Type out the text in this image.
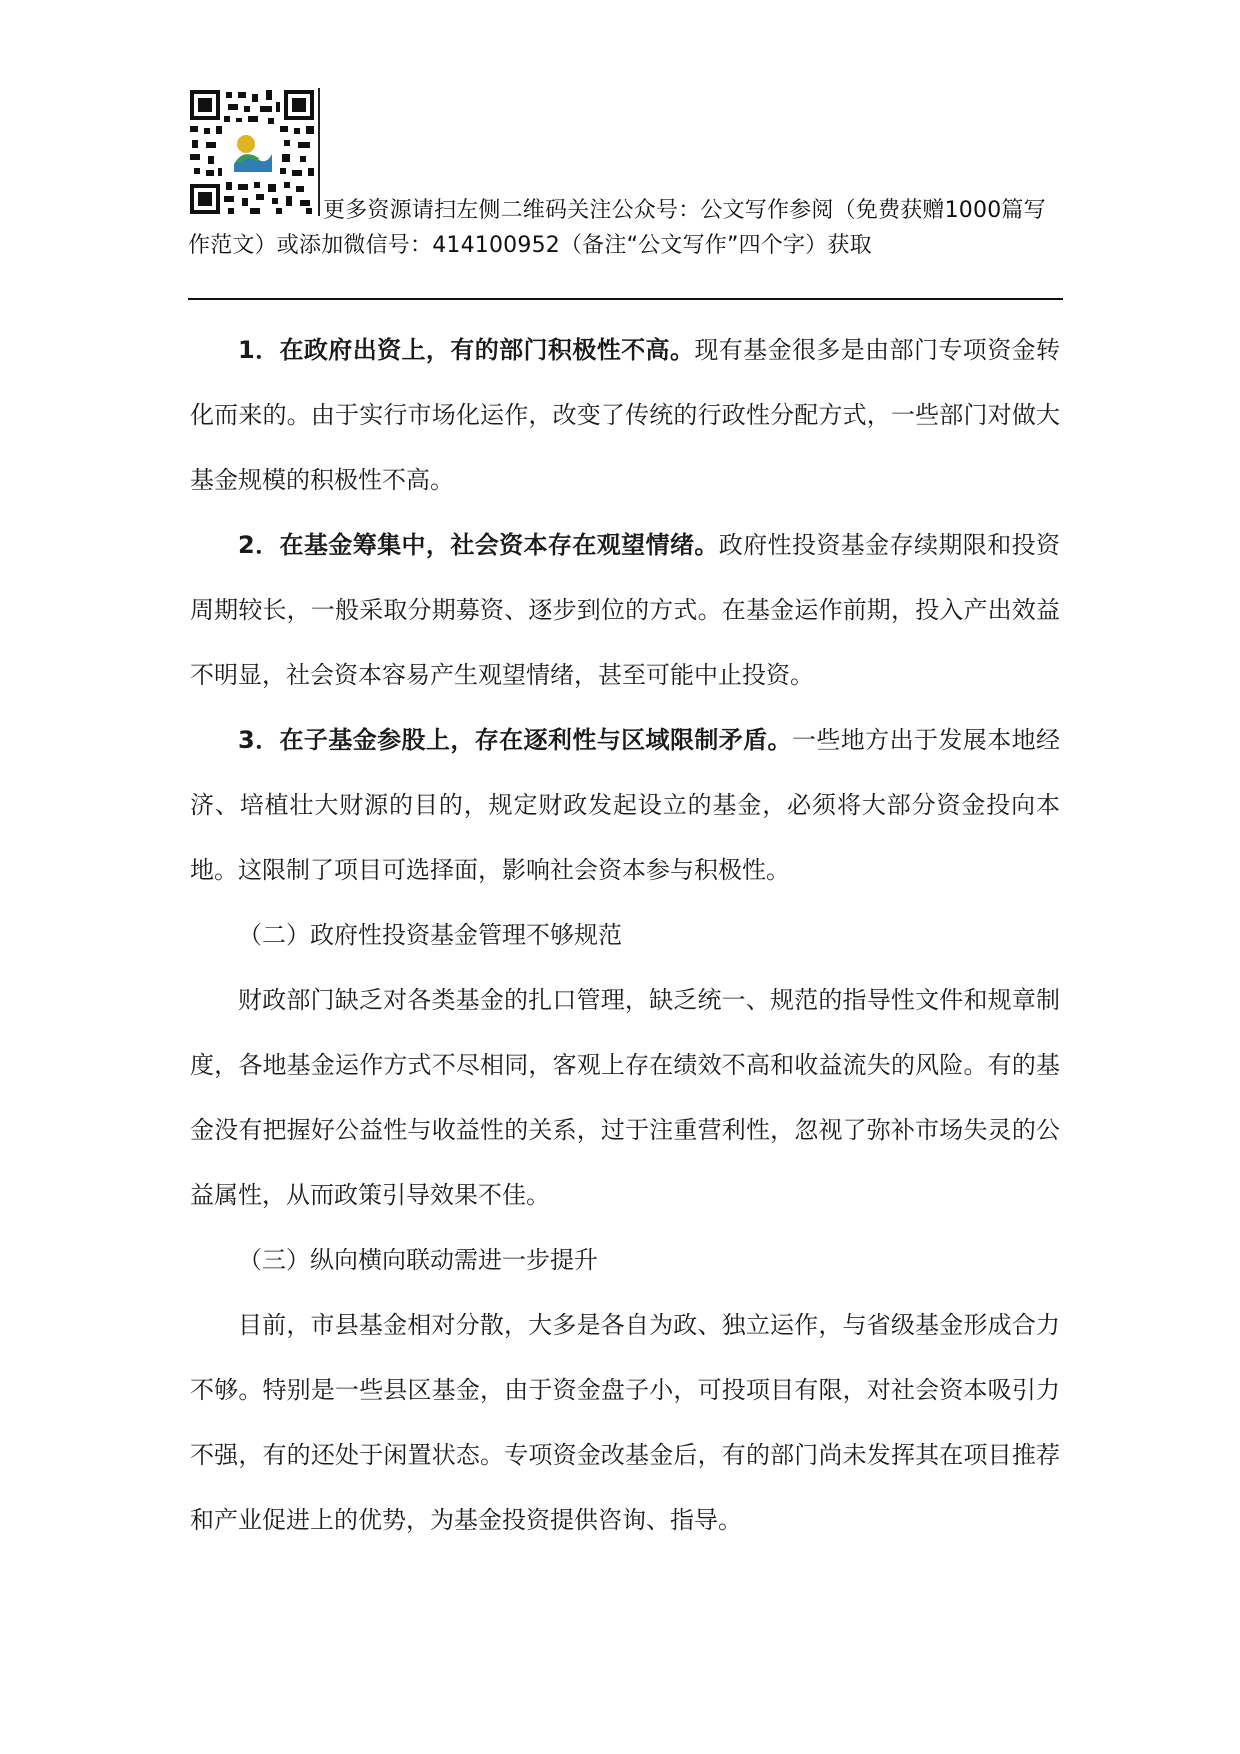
更多资源请扫左侧二维码关注公众号：公文写作参阅（免费获赠1000篇写作范文）或添加微信号：414100952（备注“公文写作”四个字）获取

1．在政府出资上，有的部门积极性不高。现有基金很多是由部门专项资金转化而来的。由于实行市场化运作，改变了传统的行政性分配方式，一些部门对做大基金规模的积极性不高。

2．在基金筹集中，社会资本存在观望情绪。政府性投资基金存续期限和投资周期较长，一般采取分期募资、逐步到位的方式。在基金运作前期，投入产出效益不明显，社会资本容易产生观望情绪，甚至可能中止投资。

3．在子基金参股上，存在逐利性与区域限制矛盾。一些地方出于发展本地经济、培植壮大财源的目的，规定财政发起设立的基金，必须将大部分资金投向本地。这限制了项目可选择面，影响社会资本参与积极性。

（二）政府性投资基金管理不够规范

财政部门缺乏对各类基金的扎口管理，缺乏统一、规范的指导性文件和规章制度，各地基金运作方式不尽相同，客观上存在绩效不高和收益流失的风险。有的基金没有把握好公益性与收益性的关系，过于注重营利性，忽视了弥补市场失灵的公益属性，从而政策引导效果不佳。

（三）纵向横向联动需进一步提升

目前，市县基金相对分散，大多是各自为政、独立运作，与省级基金形成合力不够。特别是一些县区基金，由于资金盘子小，可投项目有限，对社会资本吸引力不强，有的还处于闲置状态。专项资金改基金后，有的部门尚未发挥其在项目推荐和产业促进上的优势，为基金投资提供咨询、指导。
